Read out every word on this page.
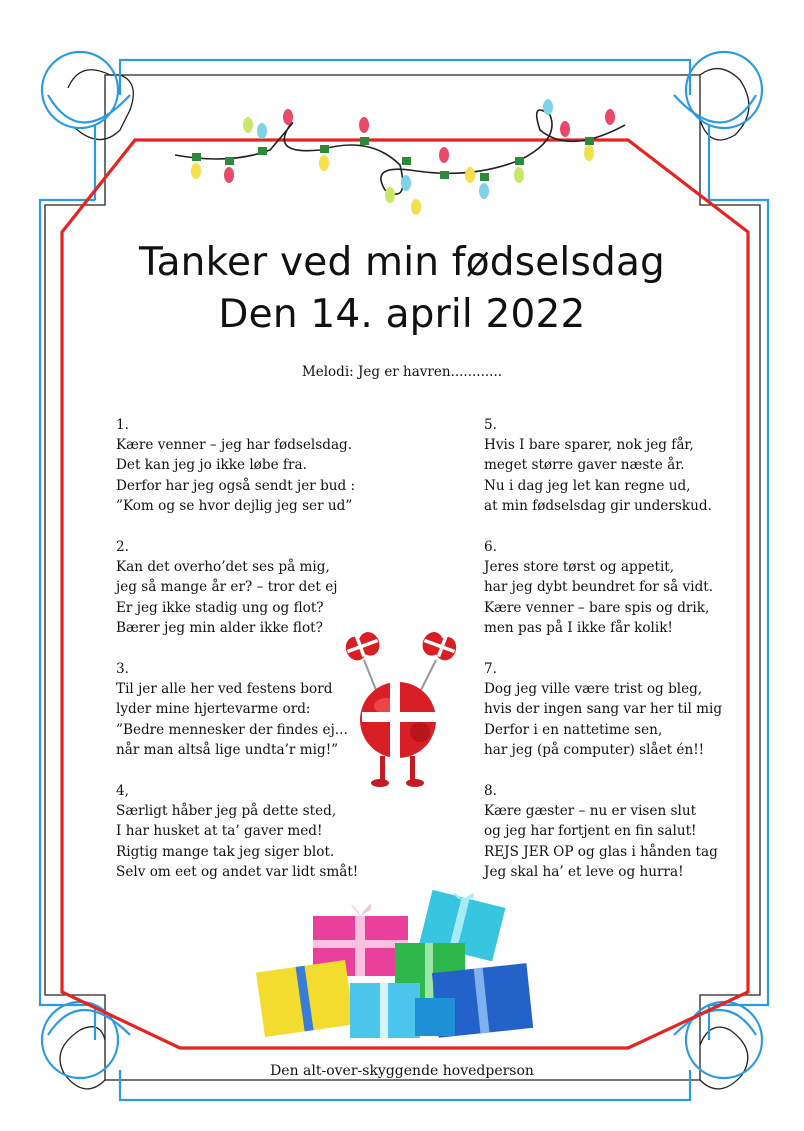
Tanker ved min fødselsdag
Den 14. april 2022
Melodi: Jeg er havren............
1.
Kære venner – jeg har fødselsdag.
Det kan jeg jo ikke løbe fra.
Derfor har jeg også sendt jer bud :
”Kom og se hvor dejlig jeg ser ud”
2.
Kan det overho’det ses på mig,
jeg så mange år er? – tror det ej
Er jeg ikke stadig ung og flot?
Bærer jeg min alder ikke flot?
3.
Til jer alle her ved festens bord
lyder mine hjertevarme ord:
”Bedre mennesker der findes ej...
når man altså lige undta’r mig!”
4,
Særligt håber jeg på dette sted,
I har husket at ta’ gaver med!
Rigtig mange tak jeg siger blot.
Selv om eet og andet var lidt småt!
5.
Hvis I bare sparer, nok jeg får,
meget større gaver næste år.
Nu i dag jeg let kan regne ud,
at min fødselsdag gir underskud.
6.
Jeres store tørst og appetit,
har jeg dybt beundret for så vidt.
Kære venner – bare spis og drik,
men pas på I ikke får kolik!
7.
Dog jeg ville være trist og bleg,
hvis der ingen sang var her til mig
Derfor i en nattetime sen,
har jeg (på computer) slået én!!
8.
Kære gæster – nu er visen slut
og jeg har fortjent en fin salut!
REJS JER OP og glas i hånden tag
Jeg skal ha’ et leve og hurra!
Den alt-over-skyggende hovedperson
